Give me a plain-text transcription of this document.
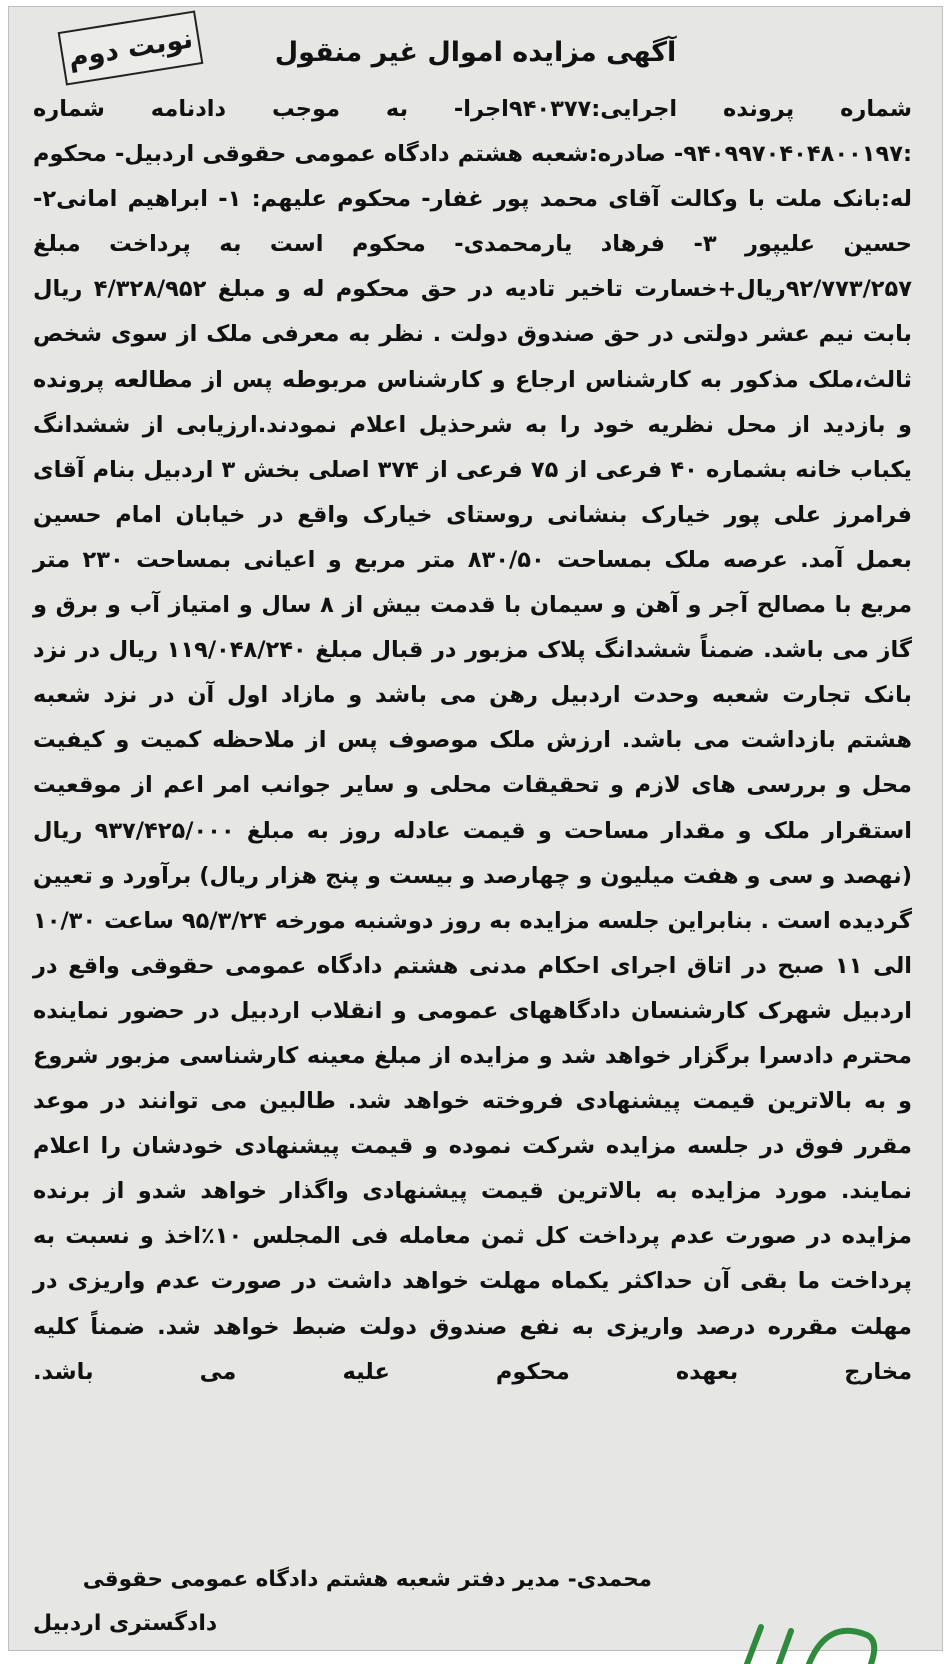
نوبت دوم	آگهی مزایده اموال غیر منقول

شماره پرونده اجرایی:۹۴۰۳۷۷اجرا- به موجب دادنامه شماره :۹۴۰۹۹۷۰۴۰۴۸۰۰۱۹۷- صادره:شعبه هشتم دادگاه عمومی حقوقی اردبیل- محکوم له:بانک ملت با وکالت آقای محمد پور غفار- محکوم علیهم: ۱- ابراهیم امانی۲- حسین علیپور ۳- فرهاد یارمحمدی- محکوم است به پرداخت مبلغ ۹۲/۷۷۳/۲۵۷ریال+خسارت تاخیر تادیه در حق محکوم له و مبلغ ۴/۳۲۸/۹۵۲ ریال بابت نیم عشر دولتی در حق صندوق دولت . نظر به معرفی ملک از سوی شخص ثالث،ملک مذکور به کارشناس ارجاع و کارشناس مربوطه پس از مطالعه پرونده و بازدید از محل نظریه خود را به شرحذیل اعلام نمودند.ارزیابی از ششدانگ یکباب خانه بشماره ۴۰ فرعی از ۷۵ فرعی از ۳۷۴ اصلی بخش ۳ اردبیل بنام آقای فرامرز علی پور خیارک بنشانی روستای خیارک واقع در خیابان امام حسین بعمل آمد. عرصه ملک بمساحت ۸۳۰/۵۰ متر مربع و اعیانی بمساحت ۲۳۰ متر مربع با مصالح آجر و آهن و سیمان با قدمت بیش از ۸ سال و امتیاز آب و برق و گاز می باشد. ضمناً ششدانگ پلاک مزبور در قبال مبلغ ۱۱۹/۰۴۸/۲۴۰ ریال در نزد بانک تجارت شعبه وحدت اردبیل رهن می باشد و مازاد اول آن در نزد شعبه هشتم بازداشت می باشد. ارزش ملک موصوف پس از ملاحظه کمیت و کیفیت محل و بررسی های لازم و تحقیقات محلی و سایر جوانب امر اعم از موقعیت استقرار ملک و مقدار مساحت و قیمت عادله روز به مبلغ ۹۳۷/۴۲۵/۰۰۰ ریال (نهصد و سی و هفت میلیون و چهارصد و بیست و پنج هزار ریال) برآورد و تعیین گردیده است . بنابراین جلسه مزایده به روز دوشنبه مورخه ۹۵/۳/۲۴ ساعت ۱۰/۳۰ الی ۱۱ صبح در اتاق اجرای احکام مدنی هشتم دادگاه عمومی حقوقی واقع در اردبیل شهرک کارشنسان دادگاههای عمومی و انقلاب اردبیل در حضور نماینده محترم دادسرا برگزار خواهد شد و مزایده از مبلغ معینه کارشناسی مزبور شروع و به بالاترین قیمت پیشنهادی فروخته خواهد شد. طالبین می توانند در موعد مقرر فوق در جلسه مزایده شرکت نموده و قیمت پیشنهادی خودشان را اعلام نمایند. مورد مزایده به بالاترین قیمت پیشنهادی واگذار خواهد شدو از برنده مزایده در صورت عدم پرداخت کل ثمن معامله فی المجلس ۱۰٪اخذ و نسبت به پرداخت ما بقی آن حداکثر یکماه مهلت خواهد داشت در صورت عدم واریزی در مهلت مقرره درصد واریزی به نفع صندوق دولت ضبط خواهد شد. ضمناً کلیه مخارج بعهده محکوم علیه می باشد.

محمدی- مدیر دفتر شعبه هشتم دادگاه عمومی حقوقی
دادگستری اردبیل
